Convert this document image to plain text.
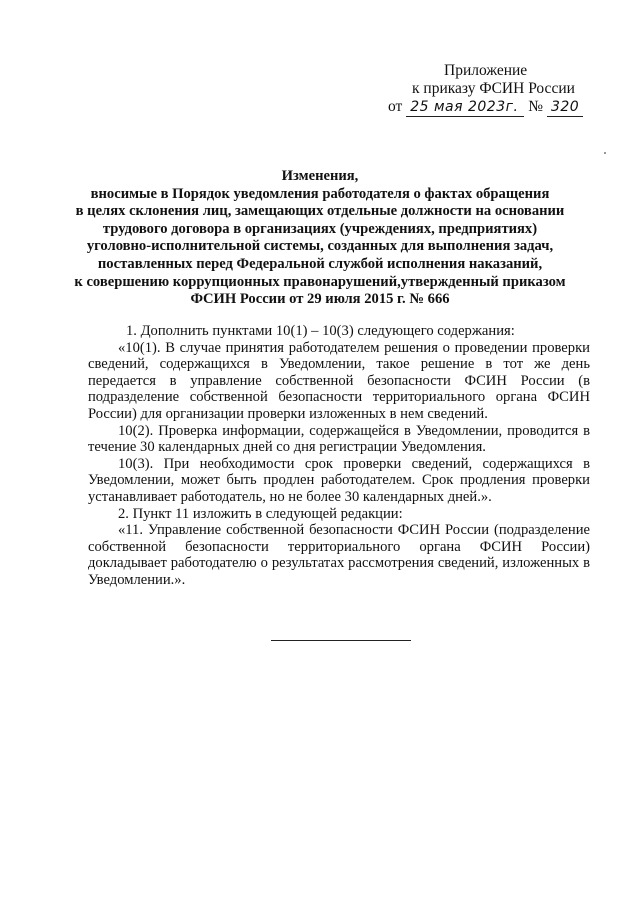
Приложение
к приказу ФСИН России
от 25 мая 2023г. № 320
Изменения,
вносимые в Порядок уведомления работодателя о фактах обращения
в целях склонения лиц, замещающих отдельные должности на основании
трудового договора в организациях (учреждениях, предприятиях)
уголовно-исполнительной системы, созданных для выполнения задач,
поставленных перед Федеральной службой исполнения наказаний,
к совершению коррупционных правонарушений,утвержденный приказом
ФСИН России от 29 июля 2015 г. № 666

1. Дополнить пунктами 10(1) – 10(3) следующего содержания:

«10(1). В случае принятия работодателем решения о проведении проверки сведений, содержащихся в Уведомлении, такое решение в тот же день передается в управление собственной безопасности ФСИН России (в подразделение собственной безопасности территориального органа ФСИН России) для организации проверки изложенных в нем сведений.

10(2). Проверка информации, содержащейся в Уведомлении, проводится в течение 30 календарных дней со дня регистрации Уведомления.

10(3). При необходимости срок проверки сведений, содержащихся в Уведомлении, может быть продлен работодателем. Срок продления проверки устанавливает работодатель, но не более 30 календарных дней.».

2. Пункт 11 изложить в следующей редакции:

«11. Управление собственной безопасности ФСИН России (подразделение собственной безопасности территориального органа ФСИН России) докладывает работодателю о результатах рассмотрения сведений, изложенных в Уведомлении.».
